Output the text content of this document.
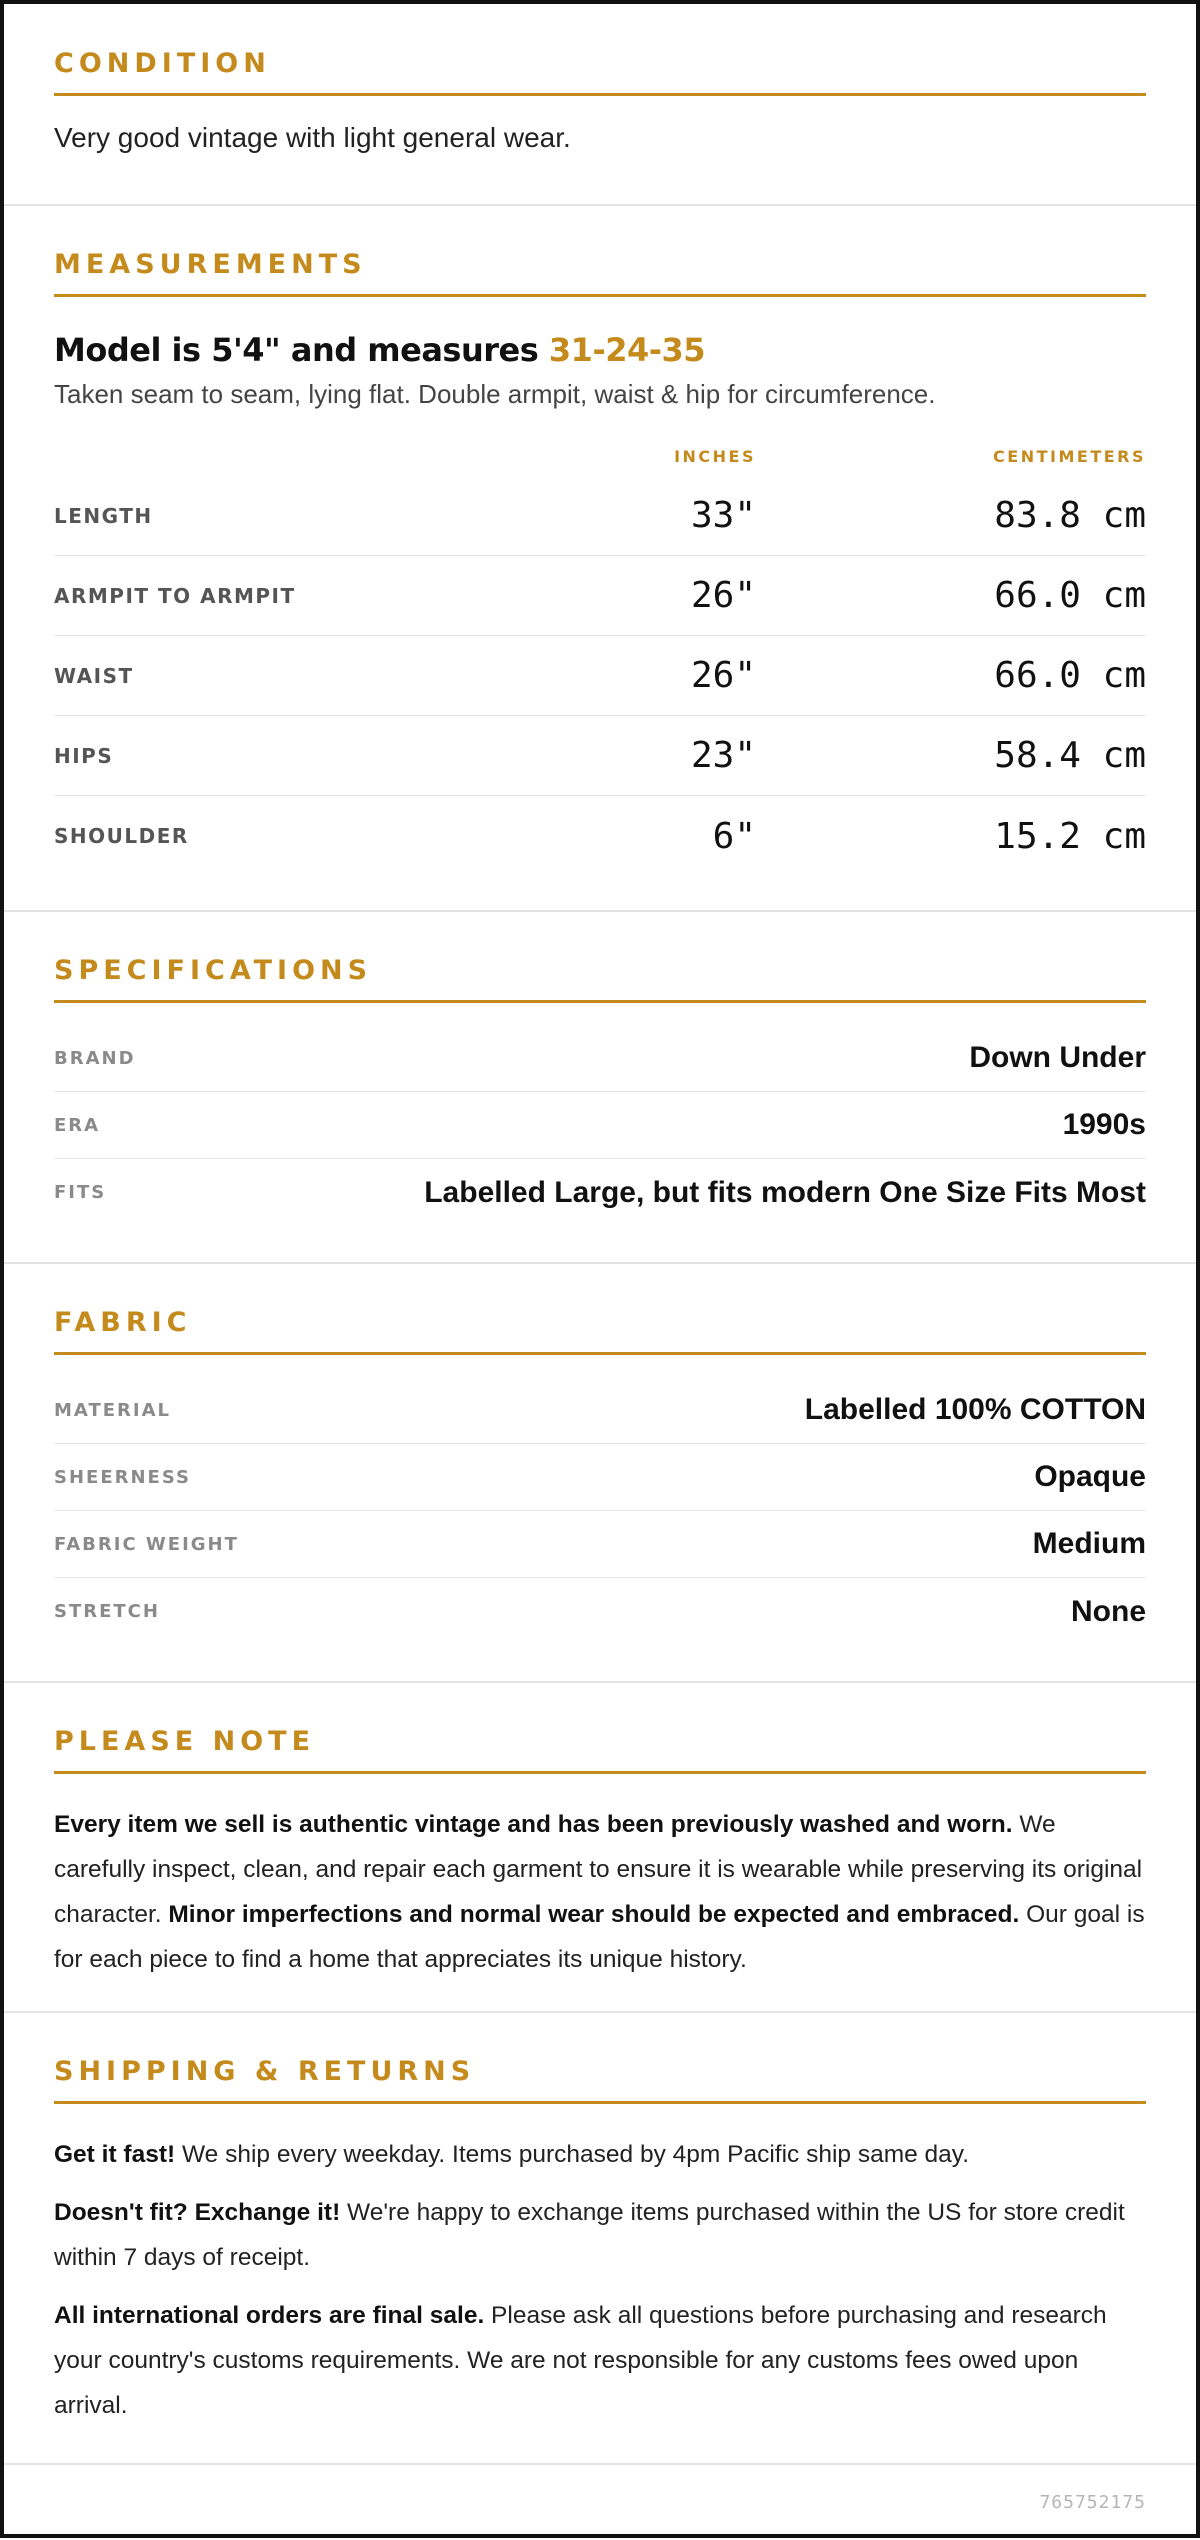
CONDITION
Very good vintage with light general wear.
MEASUREMENTS
Model is 5'4" and measures 31-24-35
Taken seam to seam, lying flat. Double armpit, waist & hip for circumference.
INCHES	CENTIMETERS
LENGTH	33"	83.8 cm
ARMPIT TO ARMPIT	26"	66.0 cm
WAIST	26"	66.0 cm
HIPS	23"	58.4 cm
SHOULDER	6"	15.2 cm
SPECIFICATIONS
BRAND	Down Under
ERA	1990s
FITS	Labelled Large, but fits modern One Size Fits Most
FABRIC
MATERIAL	Labelled 100% COTTON
SHEERNESS	Opaque
FABRIC WEIGHT	Medium
STRETCH	None
PLEASE NOTE

Every item we sell is authentic vintage and has been previously washed and worn. We carefully inspect, clean, and repair each garment to ensure it is wearable while preserving its original character. Minor imperfections and normal wear should be expected and embraced. Our goal is for each piece to find a home that appreciates its unique history.

SHIPPING & RETURNS

Get it fast! We ship every weekday. Items purchased by 4pm Pacific ship same day.

Doesn't fit? Exchange it! We're happy to exchange items purchased within the US for store credit within 7 days of receipt.

All international orders are final sale. Please ask all questions before purchasing and research your country's customs requirements. We are not responsible for any customs fees owed upon arrival.

765752175
